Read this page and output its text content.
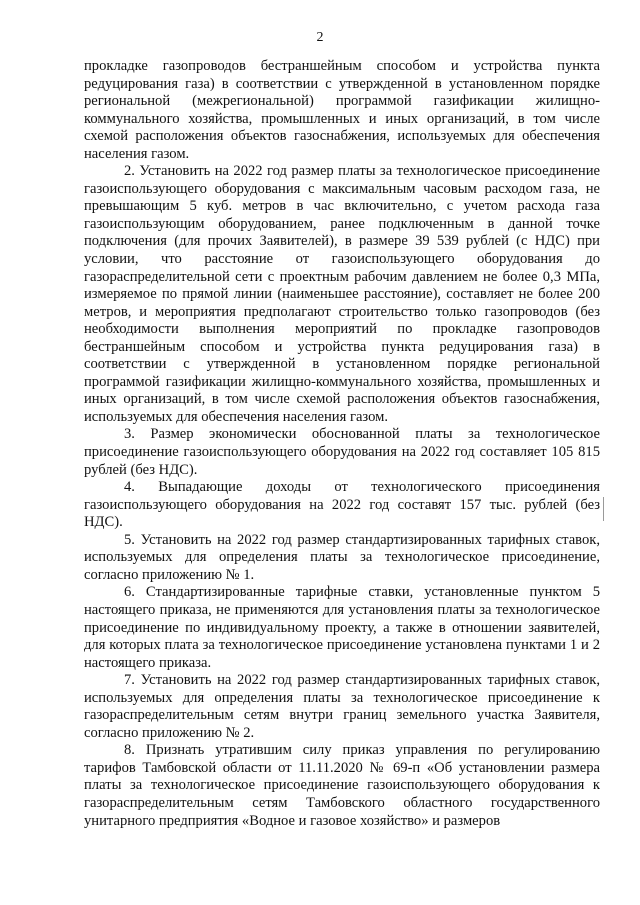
2

прокладке газопроводов бестраншейным способом и устройства пункта редуцирования газа) в соответствии с утвержденной в установленном порядке региональной (межрегиональной) программой газификации жилищно-коммунального хозяйства, промышленных и иных организаций, в том числе схемой расположения объектов газоснабжения, используемых для обеспечения населения газом.

2. Установить на 2022 год размер платы за технологическое присоединение газоиспользующего оборудования с максимальным часовым расходом газа, не превышающим 5 куб. метров в час включительно, с учетом расхода газа газоиспользующим оборудованием, ранее подключенным в данной точке подключения (для прочих Заявителей), в размере 39 539 рублей (с НДС) при условии, что расстояние от газоиспользующего оборудования до газораспределительной сети с проектным рабочим давлением не более 0,3 МПа, измеряемое по прямой линии (наименьшее расстояние), составляет не более 200 метров, и мероприятия предполагают строительство только газопроводов (без необходимости выполнения мероприятий по прокладке газопроводов бестраншейным способом и устройства пункта редуцирования газа) в соответствии с утвержденной в установленном порядке региональной программой газификации жилищно-коммунального хозяйства, промышленных и иных организаций, в том числе схемой расположения объектов газоснабжения, используемых для обеспечения населения газом.

3. Размер экономически обоснованной платы за технологическое присоединение газоиспользующего оборудования на 2022 год составляет 105 815 рублей (без НДС).

4. Выпадающие доходы от технологического присоединения газоиспользующего оборудования на 2022 год составят 157 тыс. рублей (без НДС).

5. Установить на 2022 год размер стандартизированных тарифных ставок, используемых для определения платы за технологическое присоединение, согласно приложению № 1.

6. Стандартизированные тарифные ставки, установленные пунктом 5 настоящего приказа, не применяются для установления платы за технологическое присоединение по индивидуальному проекту, а также в отношении заявителей, для которых плата за технологическое присоединение установлена пунктами 1 и 2 настоящего приказа.

7. Установить на 2022 год размер стандартизированных тарифных ставок, используемых для определения платы за технологическое присоединение к газораспределительным сетям внутри границ земельного участка Заявителя, согласно приложению № 2.

8. Признать утратившим силу приказ управления по регулированию тарифов Тамбовской области от 11.11.2020 № 69-п «Об установлении размера платы за технологическое присоединение газоиспользующего оборудования к газораспределительным сетям Тамбовского областного государственного унитарного предприятия «Водное и газовое хозяйство» и размеров
